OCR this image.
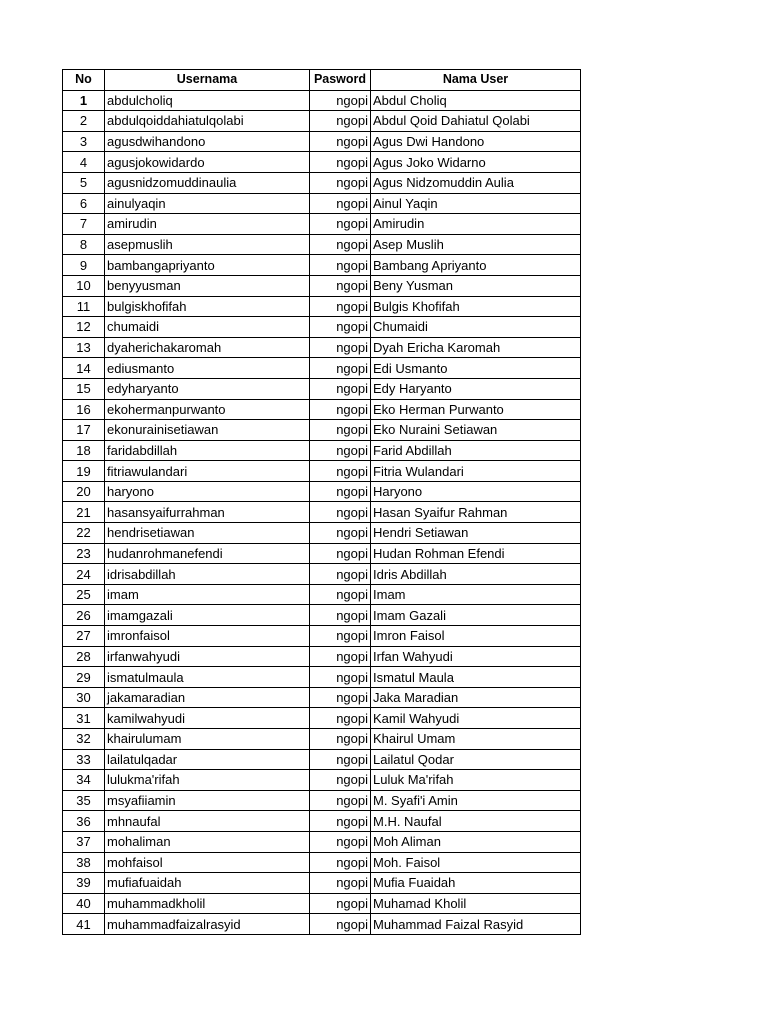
No	Usernama	Pasword	Nama User
1	abdulcholiq	ngopi	Abdul Choliq
2	abdulqoiddahiatulqolabi	ngopi	Abdul Qoid Dahiatul Qolabi
3	agusdwihandono	ngopi	Agus Dwi Handono
4	agusjokowidardo	ngopi	Agus Joko Widarno
5	agusnidzomuddinaulia	ngopi	Agus Nidzomuddin Aulia
6	ainulyaqin	ngopi	Ainul Yaqin
7	amirudin	ngopi	Amirudin
8	asepmuslih	ngopi	Asep Muslih
9	bambangapriyanto	ngopi	Bambang Apriyanto
10	benyyusman	ngopi	Beny Yusman
11	bulgiskhofifah	ngopi	Bulgis Khofifah
12	chumaidi	ngopi	Chumaidi
13	dyaherichakaromah	ngopi	Dyah Ericha Karomah
14	ediusmanto	ngopi	Edi Usmanto
15	edyharyanto	ngopi	Edy Haryanto
16	ekohermanpurwanto	ngopi	Eko Herman Purwanto
17	ekonurainisetiawan	ngopi	Eko Nuraini Setiawan
18	faridabdillah	ngopi	Farid Abdillah
19	fitriawulandari	ngopi	Fitria Wulandari
20	haryono	ngopi	Haryono
21	hasansyaifurrahman	ngopi	Hasan Syaifur Rahman
22	hendrisetiawan	ngopi	Hendri Setiawan
23	hudanrohmanefendi	ngopi	Hudan Rohman Efendi
24	idrisabdillah	ngopi	Idris Abdillah
25	imam	ngopi	Imam
26	imamgazali	ngopi	Imam Gazali
27	imronfaisol	ngopi	Imron Faisol
28	irfanwahyudi	ngopi	Irfan Wahyudi
29	ismatulmaula	ngopi	Ismatul Maula
30	jakamaradian	ngopi	Jaka Maradian
31	kamilwahyudi	ngopi	Kamil Wahyudi
32	khairulumam	ngopi	Khairul Umam
33	lailatulqadar	ngopi	Lailatul Qodar
34	lulukma'rifah	ngopi	Luluk Ma'rifah
35	msyafiiamin	ngopi	M. Syafi'i Amin
36	mhnaufal	ngopi	M.H. Naufal
37	mohaliman	ngopi	Moh Aliman
38	mohfaisol	ngopi	Moh. Faisol
39	mufiafuaidah	ngopi	Mufia Fuaidah
40	muhammadkholil	ngopi	Muhamad Kholil
41	muhammadfaizalrasyid	ngopi	Muhammad Faizal Rasyid
